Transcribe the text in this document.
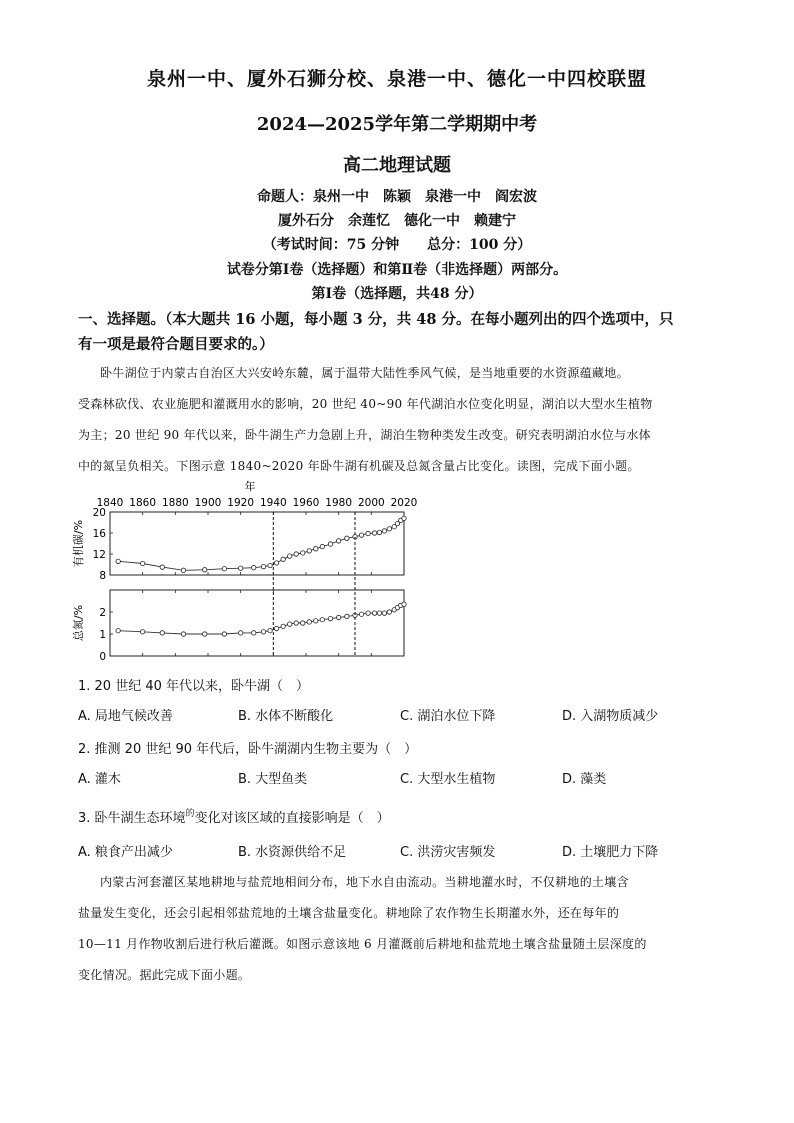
泉州一中、厦外石狮分校、泉港一中、德化一中四校联盟
2024—2025学年第二学期期中考
高二地理试题
命题人：泉州一中　陈颖　泉港一中　阎宏波
厦外石分　余莲忆　德化一中　赖建宁
（考试时间：75 分钟　　总分：100 分）
试卷分第Ⅰ卷（选择题）和第Ⅱ卷（非选择题）两部分。
第Ⅰ卷（选择题，共48 分）
一、选择题。（本大题共 16 小题，每小题 3 分，共 48 分。在每小题列出的四个选项中，只
有一项是最符合题目要求的。）
卧牛湖位于内蒙古自治区大兴安岭东麓，属于温带大陆性季风气候，是当地重要的水资源蕴藏地。
受森林砍伐、农业施肥和灌溉用水的影响，20 世纪 40~90 年代湖泊水位变化明显，湖泊以大型水生植物
为主；20 世纪 90 年代以来，卧牛湖生产力急剧上升，湖泊生物种类发生改变。研究表明湖泊水位与水体
中的氮呈负相关。下图示意 1840~2020 年卧牛湖有机碳及总氮含量占比变化。读图，完成下面小题。
年
1840 1860 1880 1900 1920 1940 1960 1980 2000 2020
20
16
12
8
有机碳/%
2
1
0
总氮/%
1. 20 世纪 40 年代以来，卧牛湖（　）
A. 局地气候改善	B. 水体不断酸化	C. 湖泊水位下降	D. 入湖物质减少
2. 推测 20 世纪 90 年代后，卧牛湖湖内生物主要为（　）
A. 灌木	B. 大型鱼类	C. 大型水生植物	D. 藻类
3. 卧牛湖生态环境$^的$变化对该区域的直接影响是（　）
A. 粮食产出减少	B. 水资源供给不足	C. 洪涝灾害频发	D. 土壤肥力下降
内蒙古河套灌区某地耕地与盐荒地相间分布，地下水自由流动。当耕地灌水时，不仅耕地的土壤含
盐量发生变化，还会引起相邻盐荒地的土壤含盐量变化。耕地除了农作物生长期灌水外，还在每年的
10—11 月作物收割后进行秋后灌溉。如图示意该地 6 月灌溉前后耕地和盐荒地土壤含盐量随土层深度的
变化情况。据此完成下面小题。
